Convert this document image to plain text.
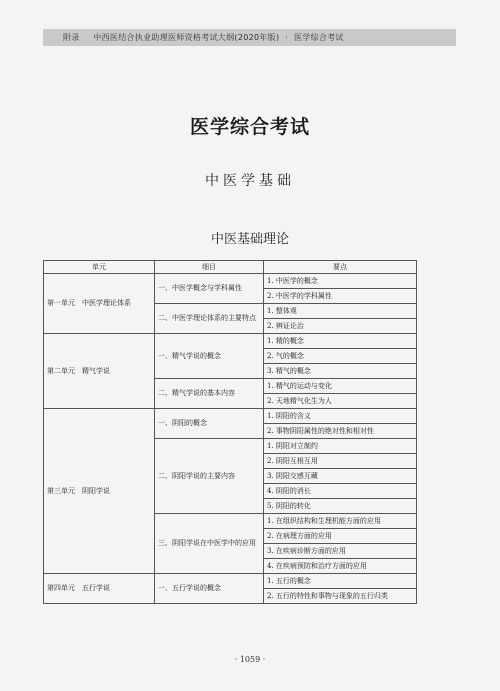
附录 中西医结合执业助理医师资格考试大纲(2020年版) · 医学综合考试
医学综合考试
中医学基础
中医基础理论
单元	细目	要点
第一单元　中医学理论体系	一、中医学概念与学科属性	1. 中医学的概念
		2. 中医学的学科属性
	二、中医学理论体系的主要特点	1. 整体观
		2. 辨证论治
第二单元　精气学说	一、精气学说的概念	1. 精的概念
		2. 气的概念
		3. 精气的概念
	二、精气学说的基本内容	1. 精气的运动与变化
		2. 天地精气化生为人
第三单元　阴阳学说	一、阴阳的概念	1. 阴阳的含义
		2. 事物阴阳属性的绝对性和相对性
	二、阴阳学说的主要内容	1. 阴阳对立制约
		2. 阴阳互根互用
		3. 阴阳交感互藏
		4. 阴阳的消长
		5. 阴阳的转化
	三、阴阳学说在中医学中的应用	1. 在组织结构和生理机能方面的应用
		2. 在病理方面的应用
		3. 在疾病诊断方面的应用
		4. 在疾病预防和治疗方面的应用
第四单元　五行学说	一、五行学说的概念	1. 五行的概念
		2. 五行的特性和事物与现象的五行归类
· 1059 ·
